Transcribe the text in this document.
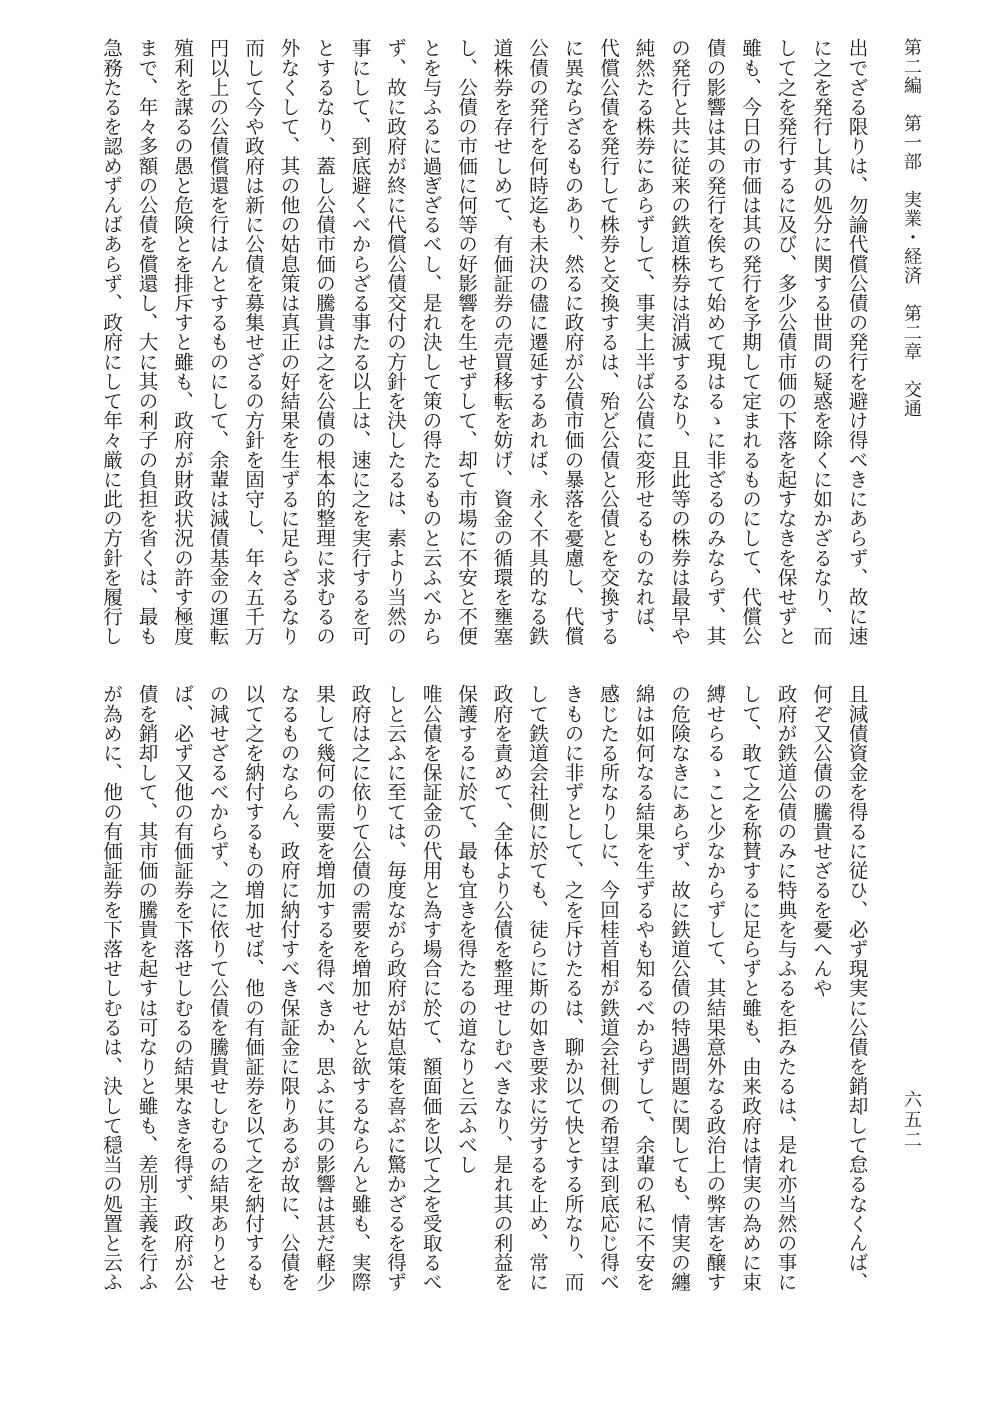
第二編　第一部　実業・経済　第二章　交通
六五二
出でざる限りは、勿論代償公債の発行を避け得べきにあらず、故に速
に之を発行し其の処分に関する世間の疑惑を除くに如かざるなり、而
して之を発行するに及び、多少公債市価の下落を起すなきを保せずと
雖も、今日の市価は其の発行を予期して定まれるものにして、代償公
債の影響は其の発行を俟ちて始めて現はるゝに非ざるのみならず、其
の発行と共に従来の鉄道株券は消滅するなり、且此等の株券は最早や
純然たる株券にあらずして、事実上半ば公債に変形せるものなれば、
代償公債を発行して株券と交換するは、殆ど公債と公債とを交換する
に異ならざるものあり、然るに政府が公債市価の暴落を憂慮し、代償
公債の発行を何時迄も未決の儘に遷延するあれば、永く不具的なる鉄
道株券を存せしめて、有価証券の売買移転を妨げ、資金の循環を壅塞
し、公債の市価に何等の好影響を生せずして、却て市場に不安と不便
とを与ふるに過ぎざるべし、是れ決して策の得たるものと云ふべから
ず、故に政府が終に代償公債交付の方針を決したるは、素より当然の
事にして、到底避くべからざる事たる以上は、速に之を実行するを可
とするなり、蓋し公債市価の騰貴は之を公債の根本的整理に求むるの
外なくして、其の他の姑息策は真正の好結果を生ずるに足らざるなり
而して今や政府は新に公債を募集せざるの方針を固守し、年々五千万
円以上の公債償還を行はんとするものにして、余輩は減債基金の運転
殖利を謀るの愚と危険とを排斥すと雖も、政府が財政状況の許す極度
まで、年々多額の公債を償還し、大に其の利子の負担を省くは、最も
急務たるを認めずんばあらず、政府にして年々厳に此の方針を履行し
且減債資金を得るに従ひ、必ず現実に公債を銷却して怠るなくんば、
何ぞ又公債の騰貴せざるを憂へんや
政府が鉄道公債のみに特典を与ふるを拒みたるは、是れ亦当然の事に
して、敢て之を称賛するに足らずと雖も、由来政府は情実の為めに束
縛せらるゝこと少なからずして、其結果意外なる政治上の弊害を醸す
の危険なきにあらず、故に鉄道公債の特遇問題に関しても、情実の纏
綿は如何なる結果を生ずるやも知るべからずして、余輩の私に不安を
感じたる所なりしに、今回桂首相が鉄道会社側の希望は到底応じ得べ
きものに非ずとして、之を斥けたるは、聊か以て快とする所なり、而
して鉄道会社側に於ても、徒らに斯の如き要求に労するを止め、常に
政府を責めて、全体より公債を整理せしむべきなり、是れ其の利益を
保護するに於て、最も宜きを得たるの道なりと云ふべし
唯公債を保証金の代用と為す場合に於て、額面価を以て之を受取るべ
しと云ふに至ては、毎度ながら政府が姑息策を喜ぶに驚かざるを得ず
政府は之に依りて公債の需要を増加せんと欲するならんと雖も、実際
果して幾何の需要を増加するを得べきか、思ふに其の影響は甚だ軽少
なるものならん、政府に納付すべき保証金に限りあるが故に、公債を
以て之を納付するもの増加せば、他の有価証券を以て之を納付するも
の減せざるべからず、之に依りて公債を騰貴せしむるの結果ありとせ
ば、必ず又他の有価証券を下落せしむるの結果なきを得ず、政府が公
債を銷却して、其市価の騰貴を起すは可なりと雖も、差別主義を行ふ
が為めに、他の有価証券を下落せしむるは、決して穏当の処置と云ふ
